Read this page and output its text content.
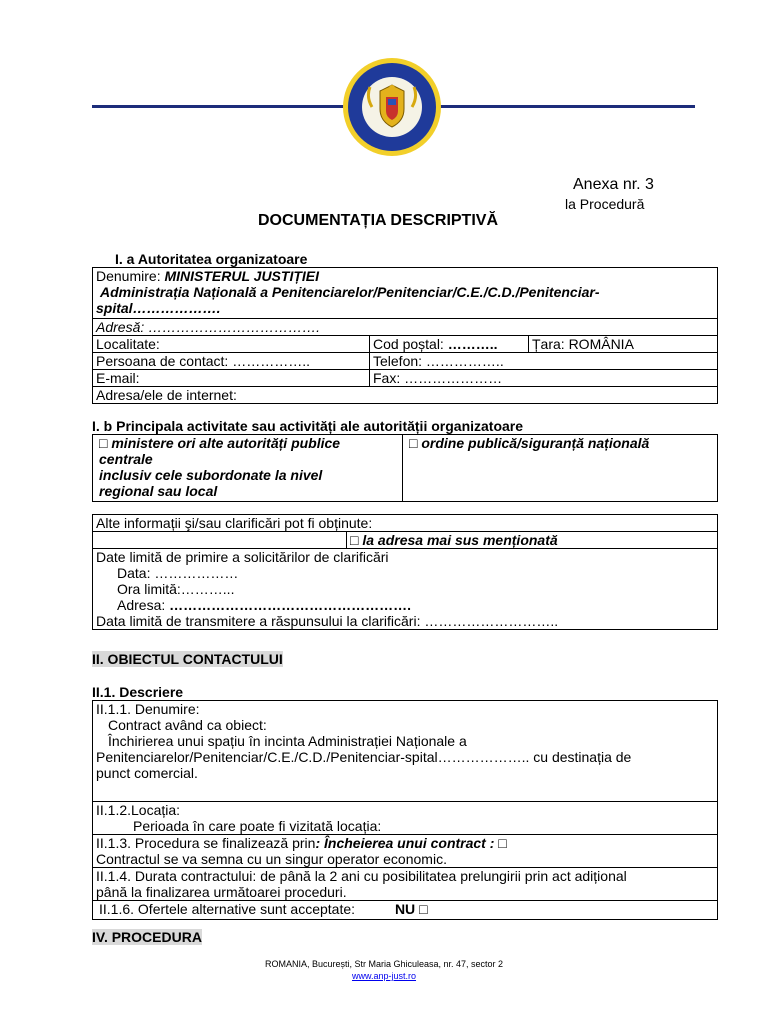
Anexa nr. 3
la Procedură
DOCUMENTAȚIA DESCRIPTIVĂ
I. a Autoritatea organizatoare
Denumire: MINISTERUL JUSTIȚIEI
Administrația Națională a Penitenciarelor/Penitenciar/C.E./C.D./Penitenciar-
spital……………….		
Adresă: ……………………………….		
Localitate:	Cod poștal: ………..	Țara: ROMÂNIA
Persoana de contact: ……………..	Telefon: ……………..	
E-mail:	Fax: …………………	
Adresa/ele de internet:		
I. b Principala activitate sau activități ale autorității organizatoare
□ ministere ori alte autorități publice
centrale
inclusiv cele subordonate la nivel
regional sau local	□ ordine publică/siguranță națională
Alte informații şi/sau clarificări pot fi obținute:
	□ la adresa mai sus menționată
Date limită de primire a solicitărilor de clarificări
Data: ………………
Ora limită:………...
Adresa: …………………………………………….
Data limită de transmitere a răspunsului la clarificări: ………………………..
II. OBIECTUL CONTACTULUI
II.1. Descriere
II.1.1. Denumire:
Contract având ca obiect:

Închirierea unui spațiu în incinta Administrației Naționale a
Penitenciarelor/Penitenciar/C.E./C.D./Penitenciar-spital……………….. cu destinația de
punct comercial.

II.1.2.Locația:
Perioada în care poate fi vizitată locația:
II.1.3. Procedura se finalizează prin: Încheierea unui contract : □
Contractul se va semna cu un singur operator economic.

II.1.4. Durata contractului: de până la 2 ani cu posibilitatea prelungirii prin act adițional
până la finalizarea următoarei proceduri.

II.1.6. Ofertele alternative sunt acceptate:	NU □
IV. PROCEDURA
ROMANIA, București, Str Maria Ghiculeasa, nr. 47, sector 2
www.anp-just.ro
